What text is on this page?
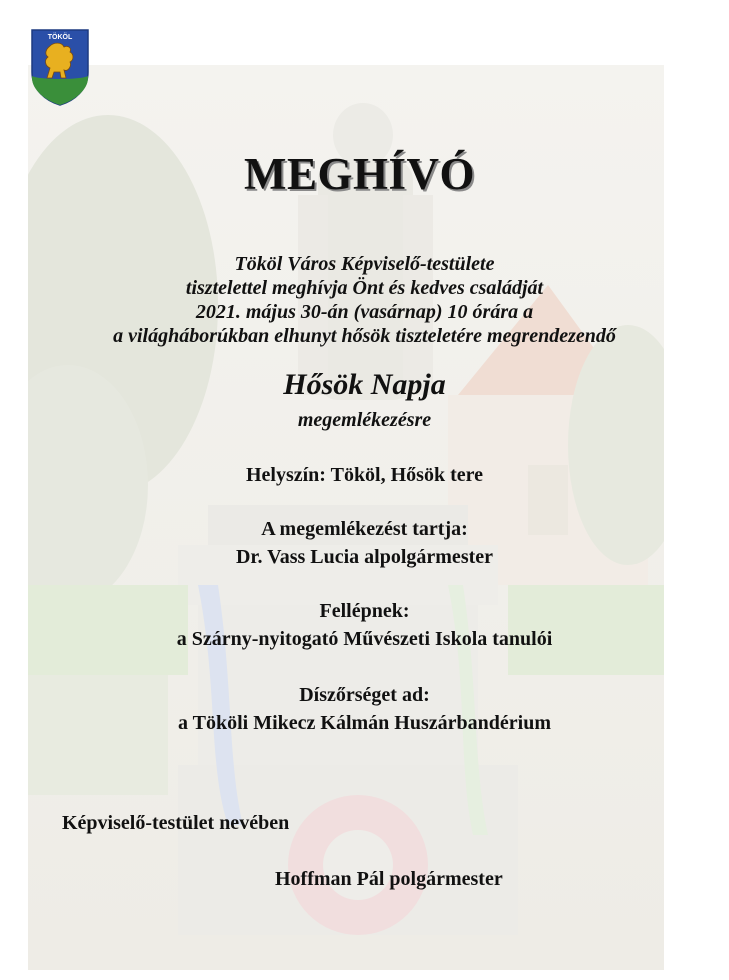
TÖKÖL
MEGHÍVÓ
Tököl Város Képviselő-testülete
tisztelettel meghívja Önt és kedves családját
2021. május 30-án (vasárnap) 10 órára a
a világháborúkban elhunyt hősök tiszteletére megrendezendő
Hősök Napja
megemlékezésre
Helyszín: Tököl, Hősök tere
A megemlékezést tartja:
Dr. Vass Lucia alpolgármester
Fellépnek:
a Szárny-nyitogató Művészeti Iskola tanulói
Díszőrséget ad:
a Tököli Mikecz Kálmán Huszárbandérium
Képviselő-testület nevében
Hoffman Pál polgármester
